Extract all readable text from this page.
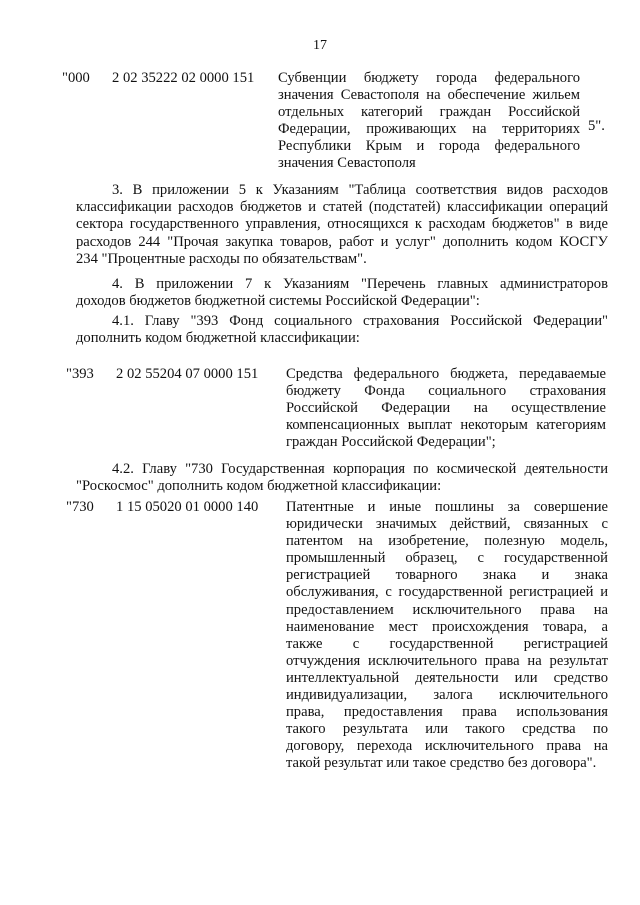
17
"000 2 02 35222 02 0000 151 Субвенции бюджету города федерального
значения Севастополя на обеспечение жильем
отдельных категорий граждан Российской
Федерации, проживающих на территориях
Республики Крым и города федерального
значения Севастополя
5".
3. В приложении 5 к Указаниям "Таблица соответствия видов расходов
классификации расходов бюджетов и статей (подстатей) классификации операций
сектора государственного управления, относящихся к расходам бюджетов" в виде
расходов 244 "Прочая закупка товаров, работ и услуг" дополнить кодом КОСГУ
234 "Процентные расходы по обязательствам".
4. В приложении 7 к Указаниям "Перечень главных администраторов
доходов бюджетов бюджетной системы Российской Федерации":
4.1. Главу "393 Фонд социального страхования Российской Федерации"
дополнить кодом бюджетной классификации:
"393 2 02 55204 07 0000 151 Средства федерального бюджета, передаваемые
бюджету Фонда социального страхования
Российской Федерации на осуществление
компенсационных выплат некоторым категориям
граждан Российской Федерации";
4.2. Главу "730 Государственная корпорация по космической деятельности
"Роскосмос" дополнить кодом бюджетной классификации:
"730 1 15 05020 01 0000 140 Патентные и иные пошлины за совершение
юридически значимых действий, связанных с
патентом на изобретение, полезную модель,
промышленный образец, с государственной
регистрацией товарного знака и знака
обслуживания, с государственной регистрацией и
предоставлением исключительного права на
наименование мест происхождения товара, а
также с государственной регистрацией
отчуждения исключительного права на результат
интеллектуальной деятельности или средство
индивидуализации, залога исключительного
права, предоставления права использования
такого результата или такого средства по
договору, перехода исключительного права на
такой результат или такое средство без договора".
